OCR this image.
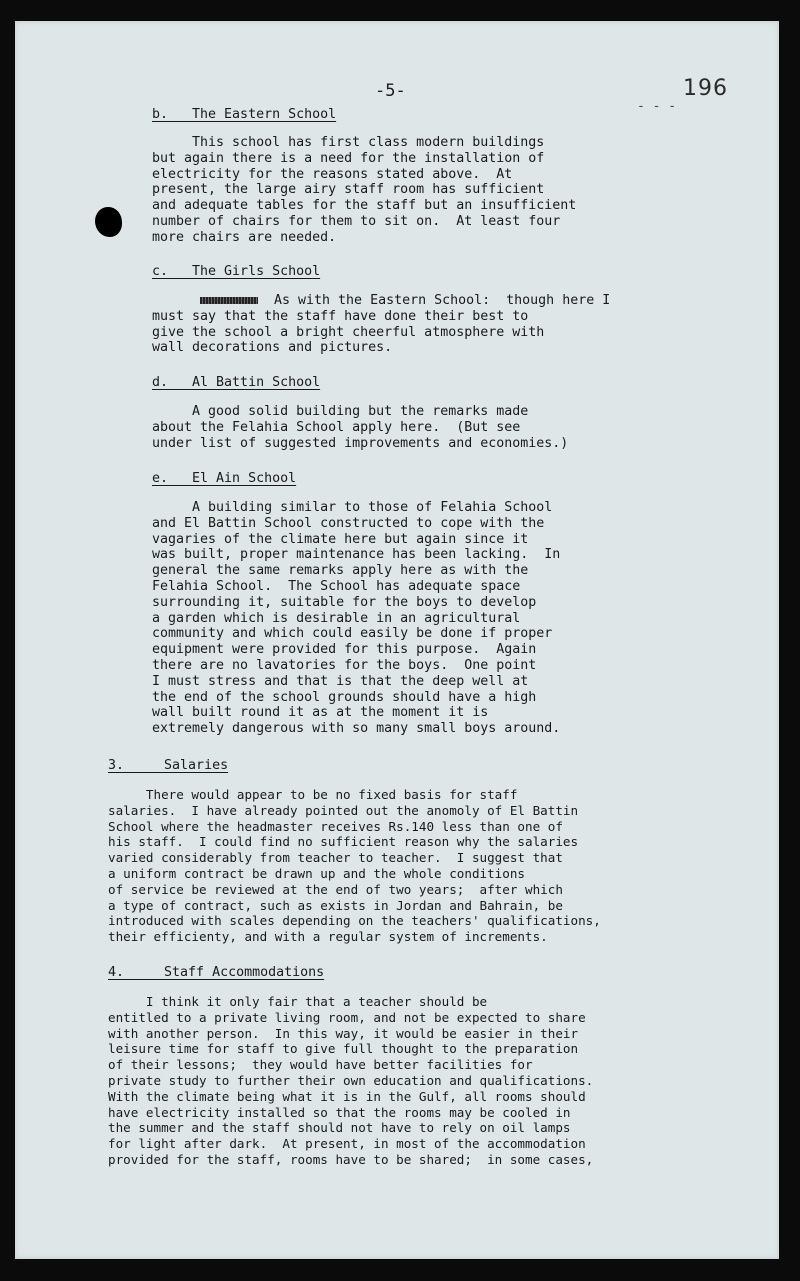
-5-
- - -
196
b.   The Eastern School
This school has first class modern buildings
but again there is a need for the installation of
electricity for the reasons stated above.  At
present, the large airy staff room has sufficient
and adequate tables for the staff but an insufficient
number of chairs for them to sit on.  At least four
more chairs are needed.
c.   The Girls School
As with the Eastern School:  though here I
must say that the staff have done their best to
give the school a bright cheerful atmosphere with
wall decorations and pictures.
d.   Al Battin School
A good solid building but the remarks made
about the Felahia School apply here.  (But see
under list of suggested improvements and economies.)
e.   El Ain School
A building similar to those of Felahia School
and El Battin School constructed to cope with the
vagaries of the climate here but again since it
was built, proper maintenance has been lacking.  In
general the same remarks apply here as with the
Felahia School.  The School has adequate space
surrounding it, suitable for the boys to develop
a garden which is desirable in an agricultural
community and which could easily be done if proper
equipment were provided for this purpose.  Again
there are no lavatories for the boys.  One point
I must stress and that is that the deep well at
the end of the school grounds should have a high
wall built round it as at the moment it is
extremely dangerous with so many small boys around.
3.     Salaries
There would appear to be no fixed basis for staff
salaries.  I have already pointed out the anomoly of El Battin
School where the headmaster receives Rs.140 less than one of
his staff.  I could find no sufficient reason why the salaries
varied considerably from teacher to teacher.  I suggest that
a uniform contract be drawn up and the whole conditions
of service be reviewed at the end of two years;  after which
a type of contract, such as exists in Jordan and Bahrain, be
introduced with scales depending on the teachers' qualifications,
their efficienty, and with a regular system of increments.
4.     Staff Accommodations
I think it only fair that a teacher should be
entitled to a private living room, and not be expected to share
with another person.  In this way, it would be easier in their
leisure time for staff to give full thought to the preparation
of their lessons;  they would have better facilities for
private study to further their own education and qualifications.
With the climate being what it is in the Gulf, all rooms should
have electricity installed so that the rooms may be cooled in
the summer and the staff should not have to rely on oil lamps
for light after dark.  At present, in most of the accommodation
provided for the staff, rooms have to be shared;  in some cases,
